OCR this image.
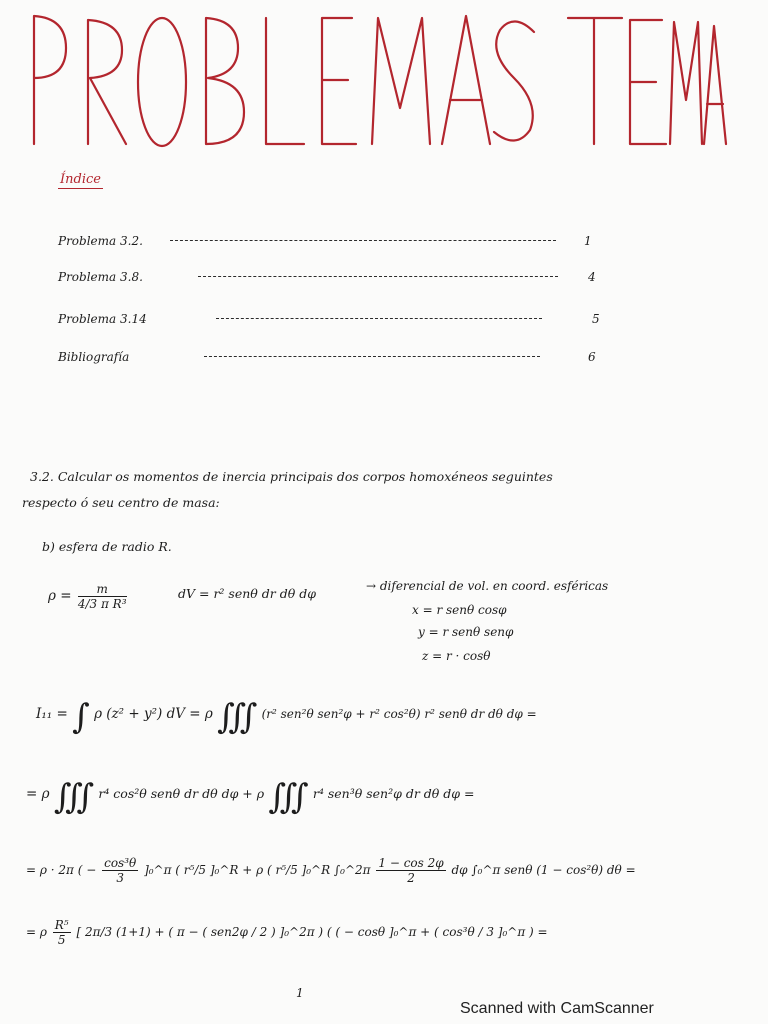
Índice
Problema 3.2.	1
Problema 3.8.	4
Problema 3.14	5
Bibliografía	6
3.2. Calcular os momentos de inercia principais dos corpos homoxéneos seguintes
respecto ó seu centro de masa:
b) esfera de radio R.
$\rho = \frac{m}{\text{4/3 π R³}}$	dV = r² senθ dr dθ dφ	→ diferencial de vol. en coord. esféricas
x = r senθ cosφ
y = r senθ senφ
z = r · cosθ
I₁₁ = ∫ ρ (z² + y²) dV = ρ ∭ (r² sen²θ sen²φ + r² cos²θ) r² senθ dr dθ dφ =
= ρ ∭ r⁴ cos²θ senθ dr dθ dφ + ρ ∭ r⁴ sen³θ sen²φ dr dθ dφ =
= ρ · 2π ( − $\frac{\text{cos³θ}}{3}$ ]₀^π ( r⁵/5 ]₀^R + ρ ( r⁵/5 ]₀^R ∫₀^2π $\frac{1 - \cos 2\varphi}{2}$ dφ ∫₀^π senθ (1 − cos²θ) dθ =
= ρ $\frac{\text{R⁵}}{5}$ [ 2π/3 (1+1) + ( π − ( sen2φ / 2 ) ]₀^2π ) ( ( − cosθ ]₀^π + ( cos³θ / 3 ]₀^π ) =
1
Scanned with CamScanner
